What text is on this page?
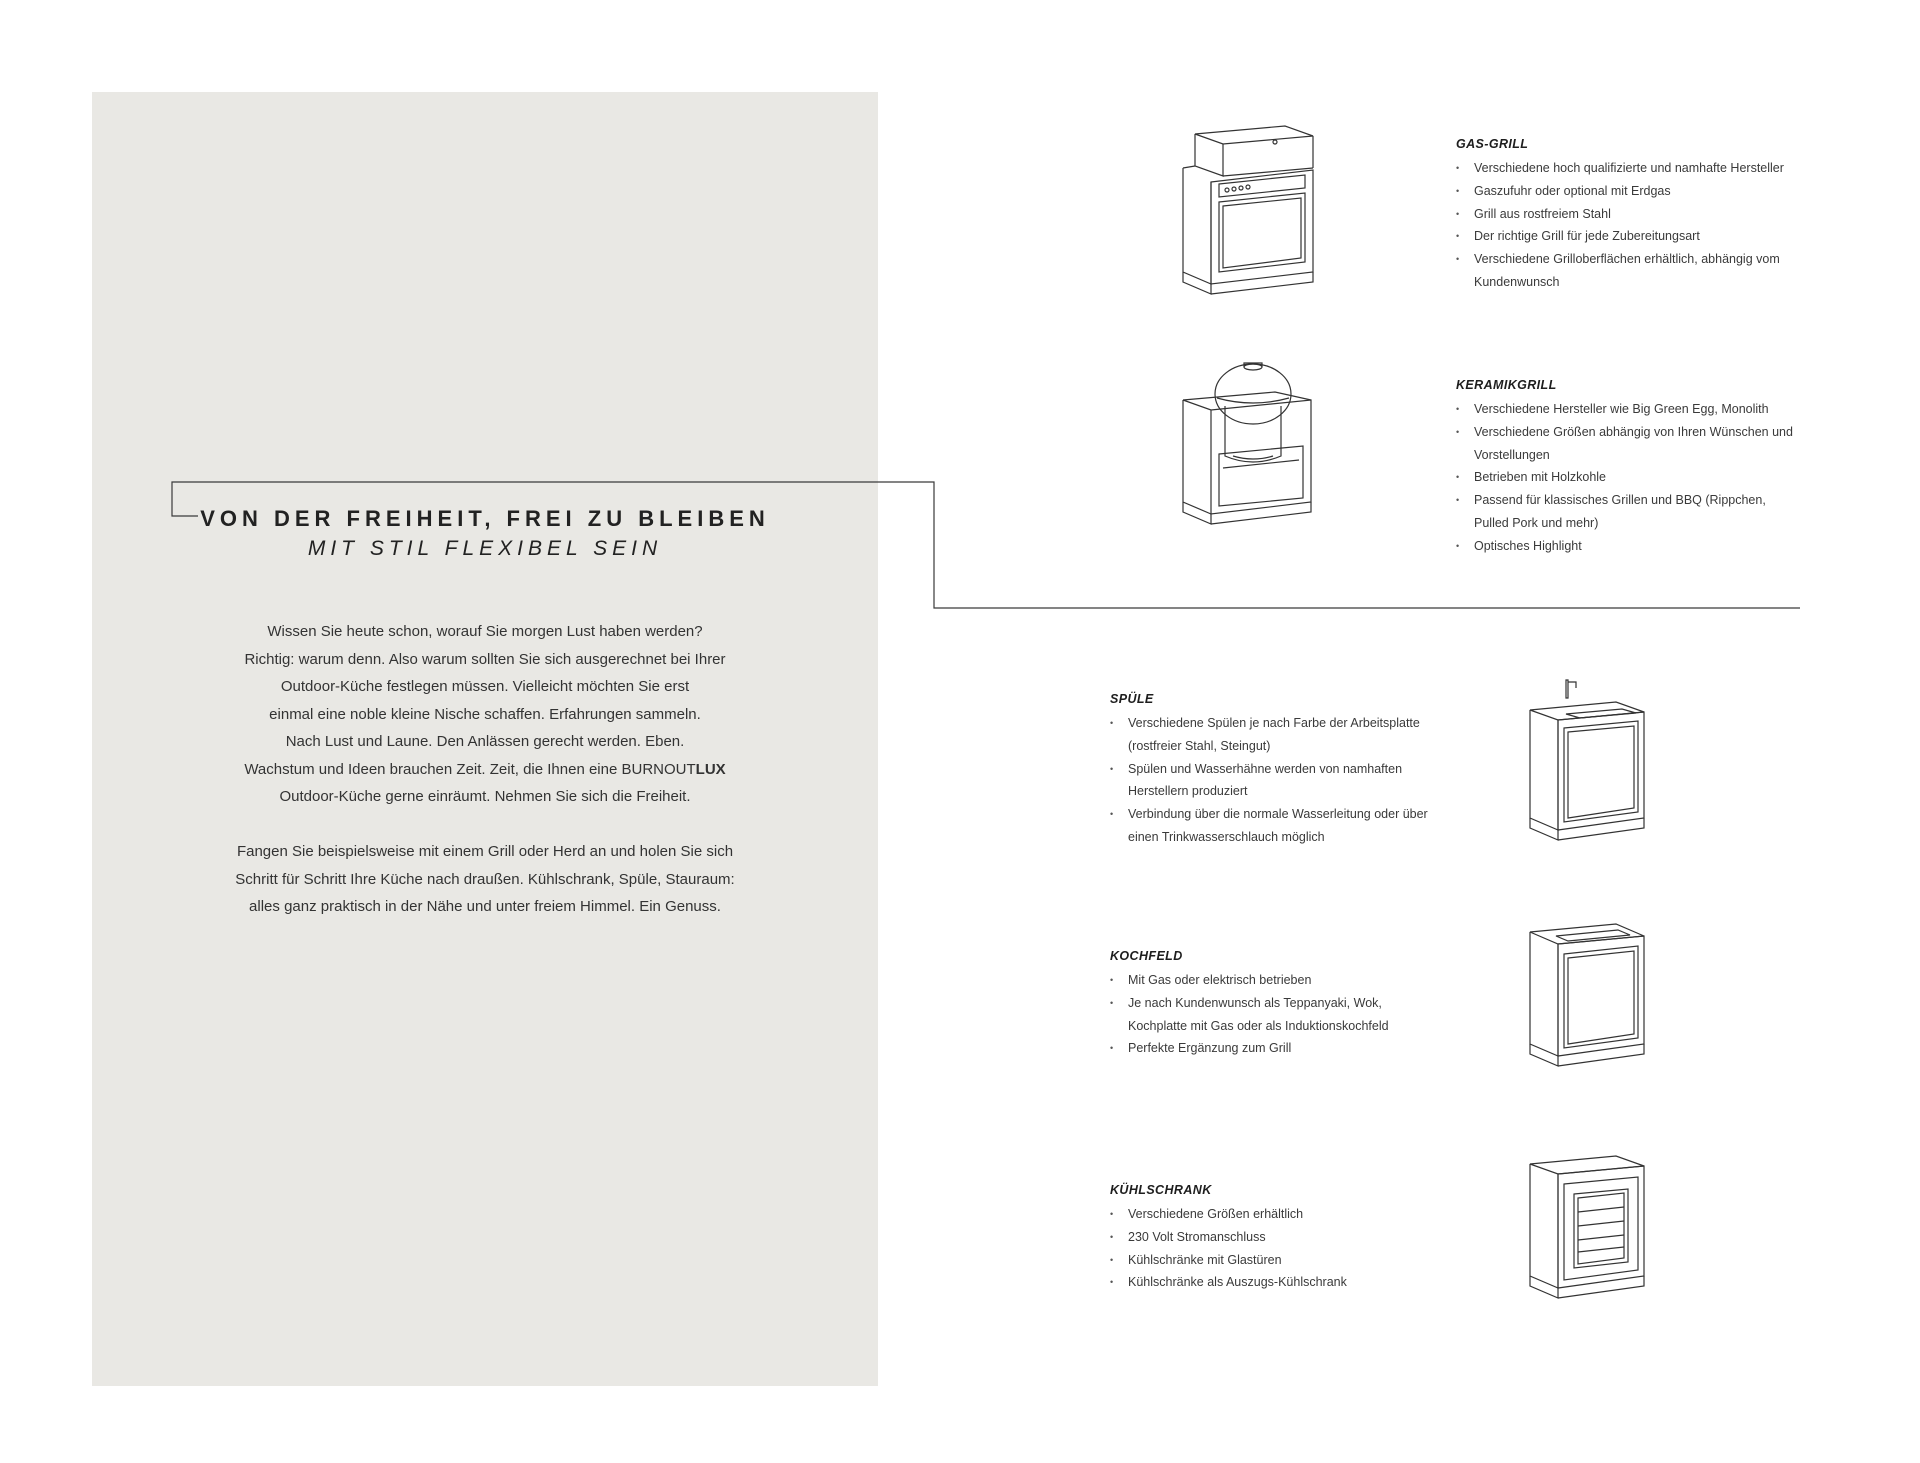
VON DER FREIHEIT, FREI ZU BLEIBEN
MIT STIL FLEXIBEL SEIN
Wissen Sie heute schon, worauf Sie morgen Lust haben werden?
Richtig: warum denn. Also warum sollten Sie sich ausgerechnet bei Ihrer
Outdoor-Küche festlegen müssen. Vielleicht möchten Sie erst
einmal eine noble kleine Nische schaffen. Erfahrungen sammeln.
Nach Lust und Laune. Den Anlässen gerecht werden. Eben.
Wachstum und Ideen brauchen Zeit. Zeit, die Ihnen eine BURNOUTLUX
Outdoor-Küche gerne einräumt. Nehmen Sie sich die Freiheit.
Fangen Sie beispielsweise mit einem Grill oder Herd an und holen Sie sich
Schritt für Schritt Ihre Küche nach draußen. Kühlschrank, Spüle, Stauraum:
alles ganz praktisch in der Nähe und unter freiem Himmel. Ein Genuss.
GAS-GRILL
• Verschiedene hoch qualifizierte und namhafte Hersteller
• Gaszufuhr oder optional mit Erdgas
• Grill aus rostfreiem Stahl
• Der richtige Grill für jede Zubereitungsart
• Verschiedene Grilloberflächen erhältlich, abhängig vom Kundenwunsch
KERAMIKGRILL
• Verschiedene Hersteller wie Big Green Egg, Monolith
• Verschiedene Größen abhängig von Ihren Wünschen und Vorstellungen
• Betrieben mit Holzkohle
• Passend für klassisches Grillen und BBQ (Rippchen, Pulled Pork und mehr)
• Optisches Highlight
SPÜLE
• Verschiedene Spülen je nach Farbe der Arbeitsplatte (rostfreier Stahl, Steingut)
• Spülen und Wasserhähne werden von namhaften Herstellern produziert
• Verbindung über die normale Wasserleitung oder über einen Trinkwasserschlauch möglich
KOCHFELD
• Mit Gas oder elektrisch betrieben
• Je nach Kundenwunsch als Teppanyaki, Wok, Kochplatte mit Gas oder als Induktionskochfeld
• Perfekte Ergänzung zum Grill
KÜHLSCHRANK
• Verschiedene Größen erhältlich
• 230 Volt Stromanschluss
• Kühlschränke mit Glastüren
• Kühlschränke als Auszugs-Kühlschrank
